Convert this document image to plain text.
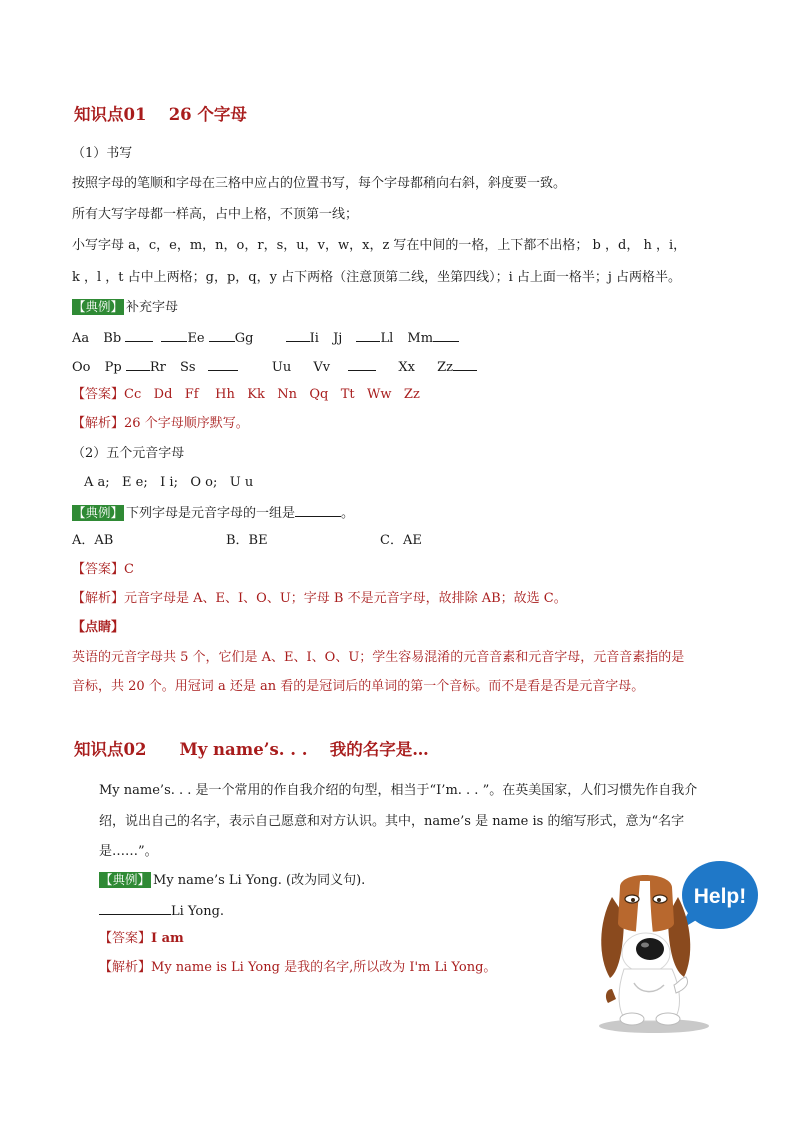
知识点01　 26 个字母
（1）书写
按照字母的笔顺和字母在三格中应占的位置书写，每个字母都稍向右斜，斜度要一致。
所有大写字母都一样高，占中上格，不顶第一线；
小写字母 a，c，e，m，n，o，r，s，u，v，w，x，z 写在中间的一格，上下都不出格； b ，d， h ，i，
k ，l ，t 占中上两格；g，p，q，y 占下两格（注意顶第二线，坐第四线）；i 占上面一格半；j 占两格半。
【典例】 补充字母
Aa Bb	Ee Gg	Ii Jj	Ll Mm
Oo Pp Rr Ss	Uu Vv	Xx Zz
【答案】Cc   Dd   Ff    Hh   Kk   Nn   Qq   Tt   Ww   Zz
【解析】26 个字母顺序默写。
（2）五个元音字母
A a;   E e;   I i;   O o;   U u
【典例】 下列字母是元音字母的一组是	。
A．AB	B．BE	C．AE
【答案】C
【解析】元音字母是 A、E、I、O、U；字母 B 不是元音字母，故排除 AB；故选 C。
【点睛】
英语的元音字母共 5 个，它们是 A、E、I、O、U；学生容易混淆的元音音素和元音字母，元音音素指的是
音标，共 20 个。用冠词 a 还是 an 看的是冠词后的单词的第一个音标。而不是看是否是元音字母。
知识点02　　My name’s. . .　 我的名字是…
My name’s. . . 是一个常用的作自我介绍的句型，相当于“I’m. . . ”。在英美国家，人们习惯先作自我介
绍，说出自己的名字，表示自己愿意和对方认识。其中，name’s 是 name is 的缩写形式，意为“名字
是……”。
【典例】 My name’s Li Yong. (改为同义句).
Li Yong.
【答案】I am
【解析】My name is Li Yong 是我的名字,所以改为 I'm Li Yong。
Help!
